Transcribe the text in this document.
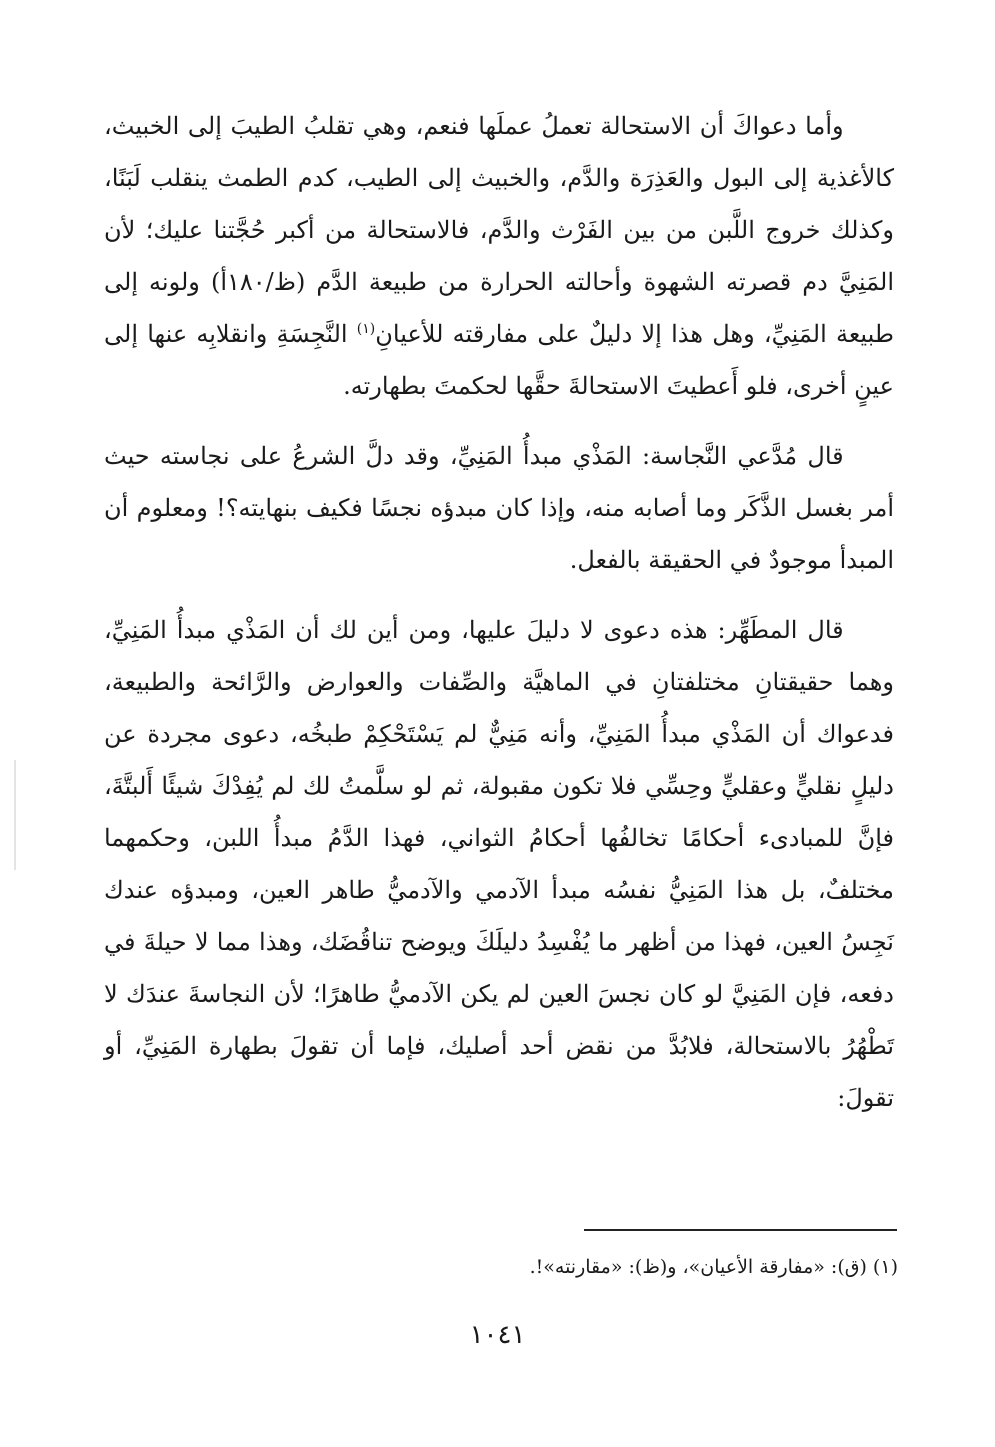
وأما دعواكَ أن الاستحالة تعملُ عملَها فنعم، وهي تقلبُ الطيبَ إلى الخبيث، كالأغذية إلى البول والعَذِرَة والدَّم، والخبيث إلى الطيب، كدم الطمث ينقلب لَبَنًا، وكذلك خروج اللَّبن من بين الفَرْث والدَّم، فالاستحالة من أكبر حُجَّتنا عليك؛ لأن المَنِيَّ دم قصرته الشهوة وأحالته الحرارة من طبيعة الدَّم (ظ/١٨٠أ) ولونه إلى طبيعة المَنِيِّ، وهل هذا إلا دليلٌ على مفارقته للأعيانِ$^{(١)}$ النَّجِسَةِ وانقلابِه عنها إلى عينٍ أخرى، فلو أَعطيتَ الاستحالةَ حقَّها لحكمتَ بطهارته.

قال مُدَّعي النَّجاسة: المَذْي مبدأُ المَنِيِّ، وقد دلَّ الشرعُ على نجاسته حيث أمر بغسل الذَّكَر وما أصابه منه، وإذا كان مبدؤه نجسًا فكيف بنهايته؟! ومعلوم أن المبدأ موجودٌ في الحقيقة بالفعل.

قال المطَهِّر: هذه دعوى لا دليلَ عليها، ومن أين لك أن المَذْي مبدأُ المَنِيِّ، وهما حقيقتانِ مختلفتانِ في الماهيَّة والصِّفات والعوارض والرَّائحة والطبيعة، فدعواك أن المَذْي مبدأُ المَنِيِّ، وأنه مَنِيٌّ لم يَسْتَحْكِمْ طبخُه، دعوى مجردة عن دليلٍ نقليٍّ وعقليٍّ وحِسِّي فلا تكون مقبولة، ثم لو سلَّمتُ لك لم يُفِدْكَ شيئًا أَلبتَّةَ، فإنَّ للمبادىء أحكامًا تخالفُها أحكامُ الثواني، فهذا الدَّمُ مبدأُ اللبن، وحكمهما مختلفٌ، بل هذا المَنِيُّ نفسُه مبدأ الآدمي والآدميُّ طاهر العين، ومبدؤه عندك نَجِسُ العين، فهذا من أظهر ما يُفْسِدُ دليلَكَ ويوضح تناقُضَك، وهذا مما لا حيلةَ في دفعه، فإن المَنِيَّ لو كان نجسَ العين لم يكن الآدميُّ طاهرًا؛ لأن النجاسةَ عندَك لا تَطْهُرُ بالاستحالة، فلابُدَّ من نقض أحد أصليك، فإما أن تقولَ بطهارة المَنِيِّ، أو تقولَ:

(١) (ق): «مفارقة الأعيان»، و(ظ): «مقارنته»!.
١٠٤١
